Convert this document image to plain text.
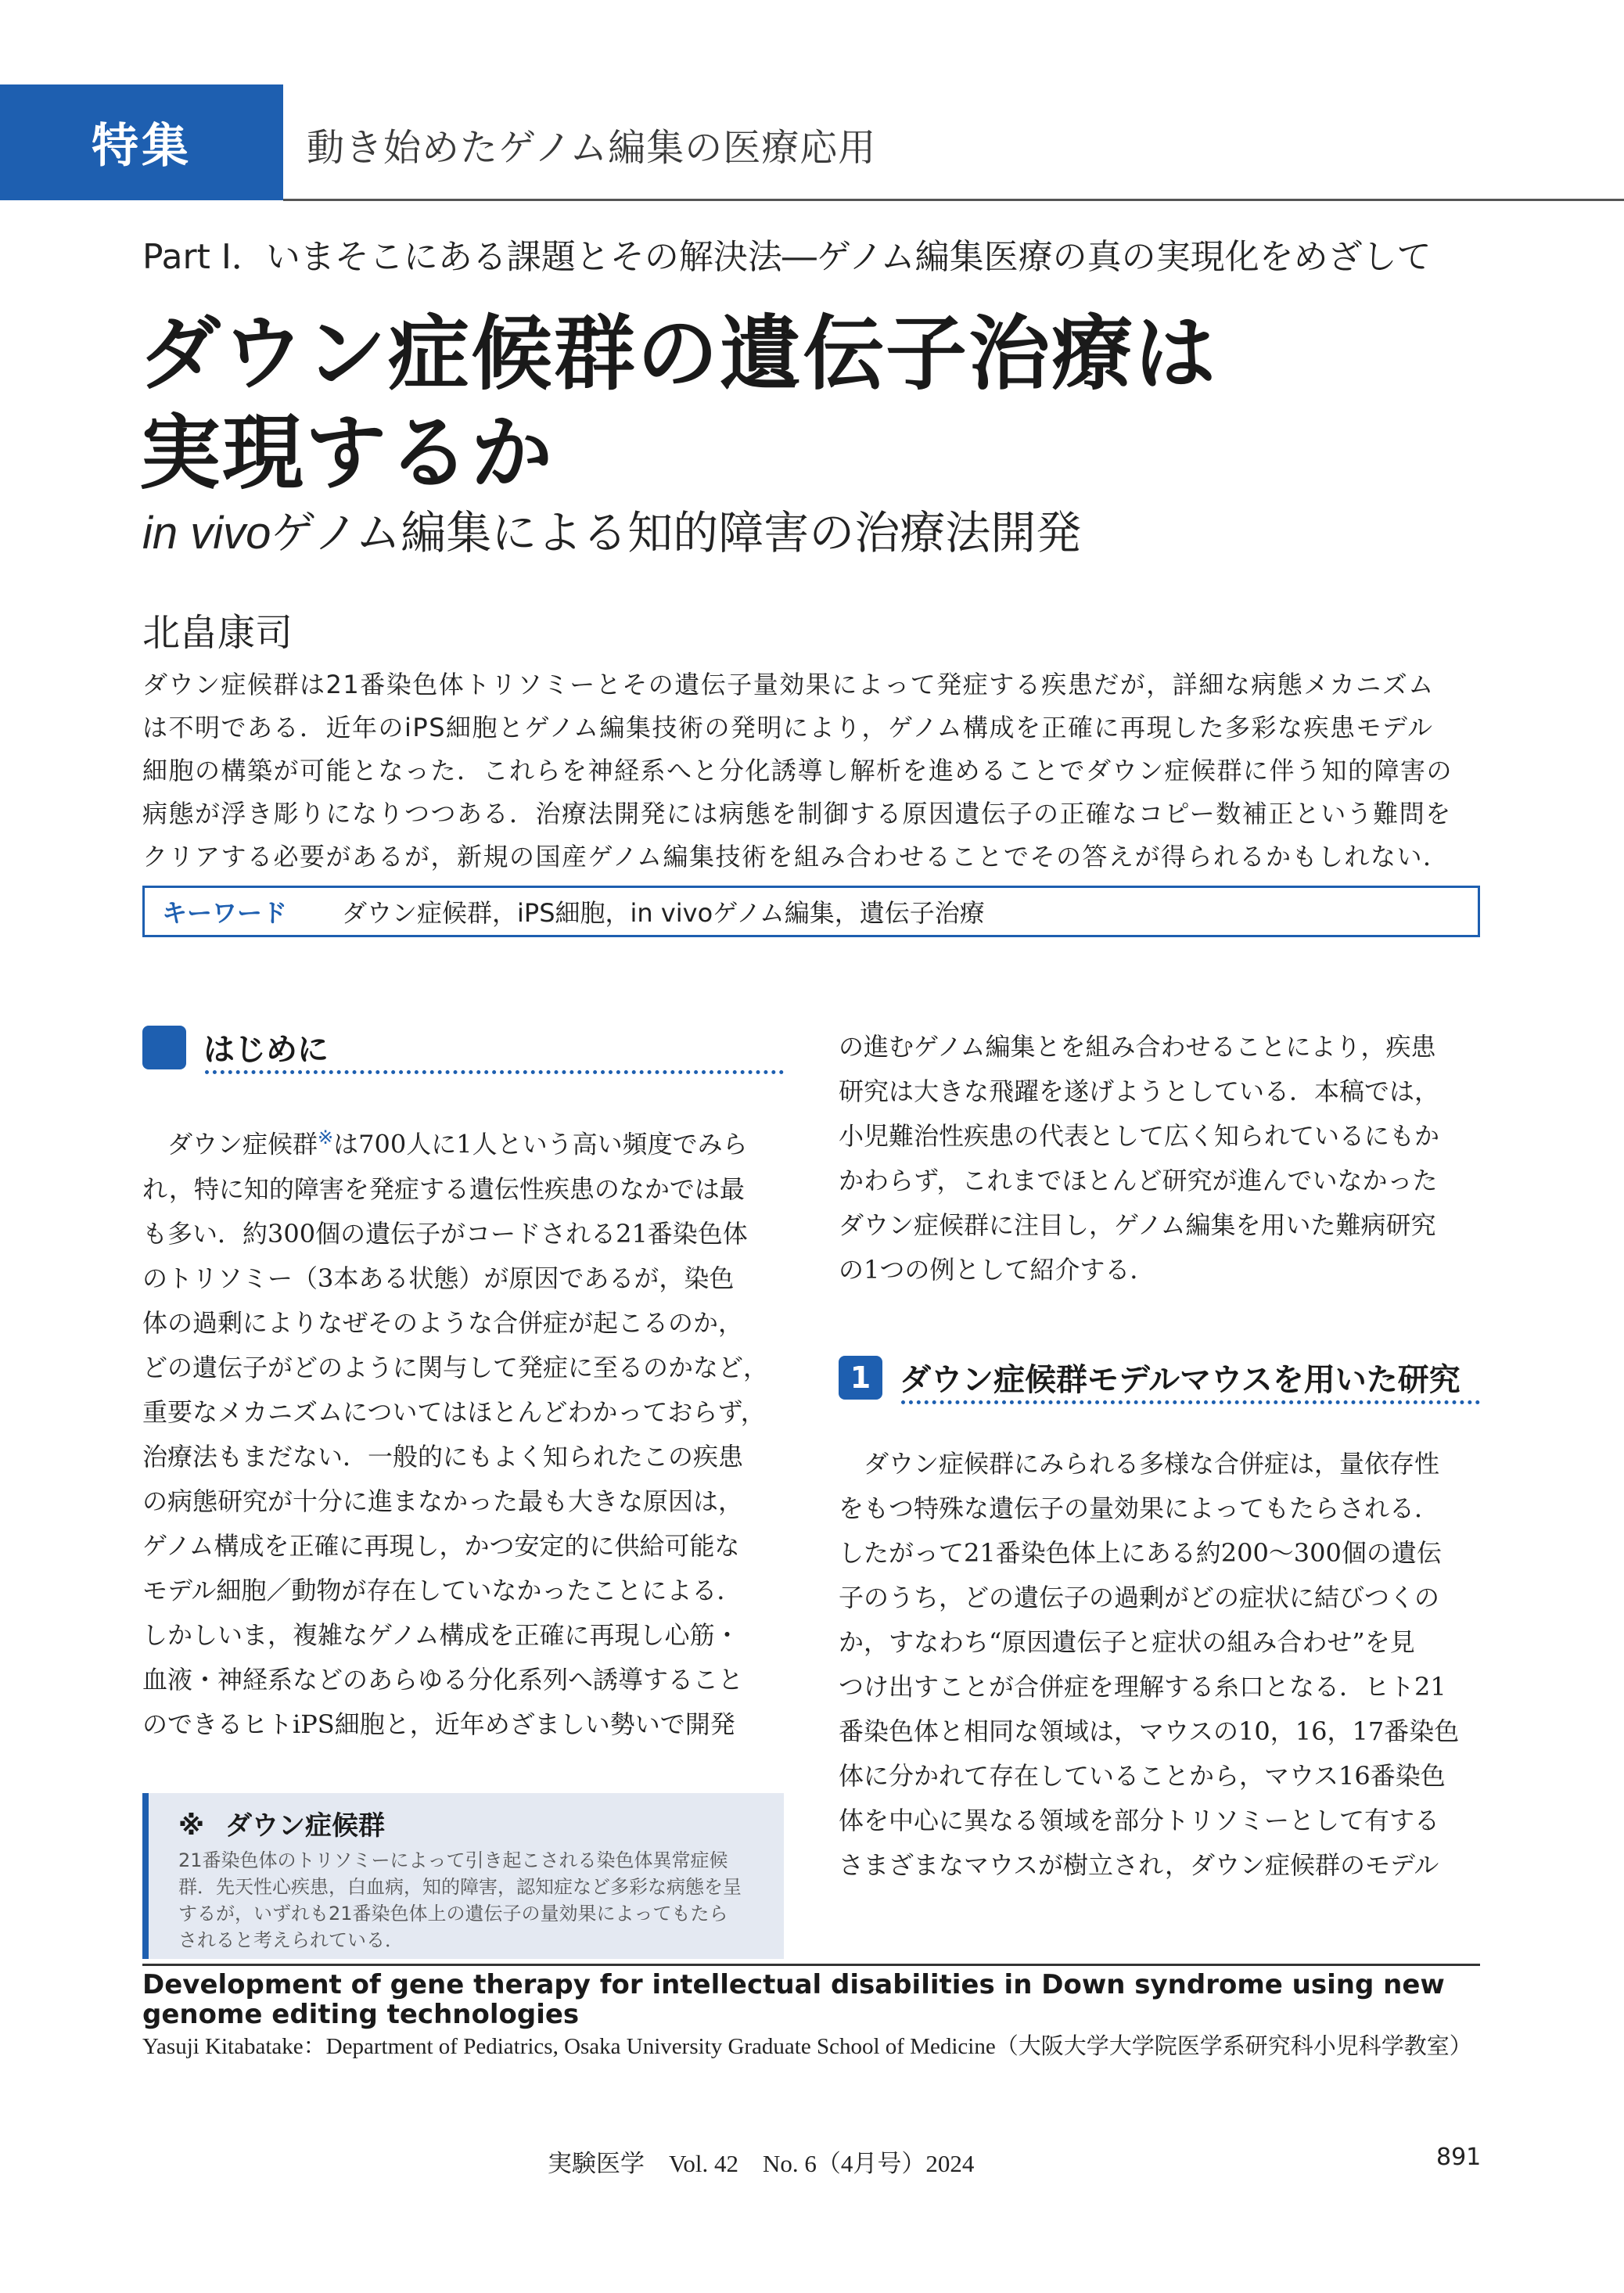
特集	動き始めたゲノム編集の医療応用
Part Ⅰ．いまそこにある課題とその解決法―ゲノム編集医療の真の実現化をめざして
ダウン症候群の遺伝子治療は
実現するか
in vivoゲノム編集による知的障害の治療法開発
北畠康司

ダウン症候群は21番染色体トリソミーとその遺伝子量効果によって発症する疾患だが，詳細な病態メカニズム

は不明である．近年のiPS細胞とゲノム編集技術の発明により，ゲノム構成を正確に再現した多彩な疾患モデル

細胞の構築が可能となった．これらを神経系へと分化誘導し解析を進めることでダウン症候群に伴う知的障害の

病態が浮き彫りになりつつある．治療法開発には病態を制御する原因遺伝子の正確なコピー数補正という難問を

クリアする必要があるが，新規の国産ゲノム編集技術を組み合わせることでその答えが得られるかもしれない．

キーワード	ダウン症候群，iPS細胞，in vivoゲノム編集，遺伝子治療
はじめに

ダウン症候群※は700人に1人という高い頻度でみら

れ，特に知的障害を発症する遺伝性疾患のなかでは最

も多い．約300個の遺伝子がコードされる21番染色体

のトリソミー（3本ある状態）が原因であるが，染色

体の過剰によりなぜそのような合併症が起こるのか，

どの遺伝子がどのように関与して発症に至るのかなど，

重要なメカニズムについてはほとんどわかっておらず，

治療法もまだない．一般的にもよく知られたこの疾患

の病態研究が十分に進まなかった最も大きな原因は，

ゲノム構成を正確に再現し，かつ安定的に供給可能な

モデル細胞／動物が存在していなかったことによる．

しかしいま，複雑なゲノム構成を正確に再現し心筋・

血液・神経系などのあらゆる分化系列へ誘導すること

のできるヒトiPS細胞と，近年めざましい勢いで開発

の進むゲノム編集とを組み合わせることにより，疾患

研究は大きな飛躍を遂げようとしている．本稿では，

小児難治性疾患の代表として広く知られているにもか

かわらず，これまでほとんど研究が進んでいなかった

ダウン症候群に注目し，ゲノム編集を用いた難病研究

の1つの例として紹介する．

1 ダウン症候群モデルマウスを用いた研究

ダウン症候群にみられる多様な合併症は，量依存性

をもつ特殊な遺伝子の量効果によってもたらされる．

したがって21番染色体上にある約200～300個の遺伝

子のうち，どの遺伝子の過剰がどの症状に結びつくの

か，すなわち“原因遺伝子と症状の組み合わせ”を見

つけ出すことが合併症を理解する糸口となる．ヒト21

番染色体と相同な領域は，マウスの10，16，17番染色

体に分かれて存在していることから，マウス16番染色

体を中心に異なる領域を部分トリソミーとして有する

さまざまなマウスが樹立され，ダウン症候群のモデル

※ ダウン症候群

21番染色体のトリソミーによって引き起こされる染色体異常症候

群．先天性心疾患，白血病，知的障害，認知症など多彩な病態を呈

するが，いずれも21番染色体上の遺伝子の量効果によってもたら

されると考えられている．

Development of gene therapy for intellectual disabilities in Down syndrome using new genome editing technologies
Yasuji Kitabatake：Department of Pediatrics, Osaka University Graduate School of Medicine（大阪大学大学院医学系研究科小児科学教室）
実験医学　Vol. 42　No. 6（4月号）2024	891
